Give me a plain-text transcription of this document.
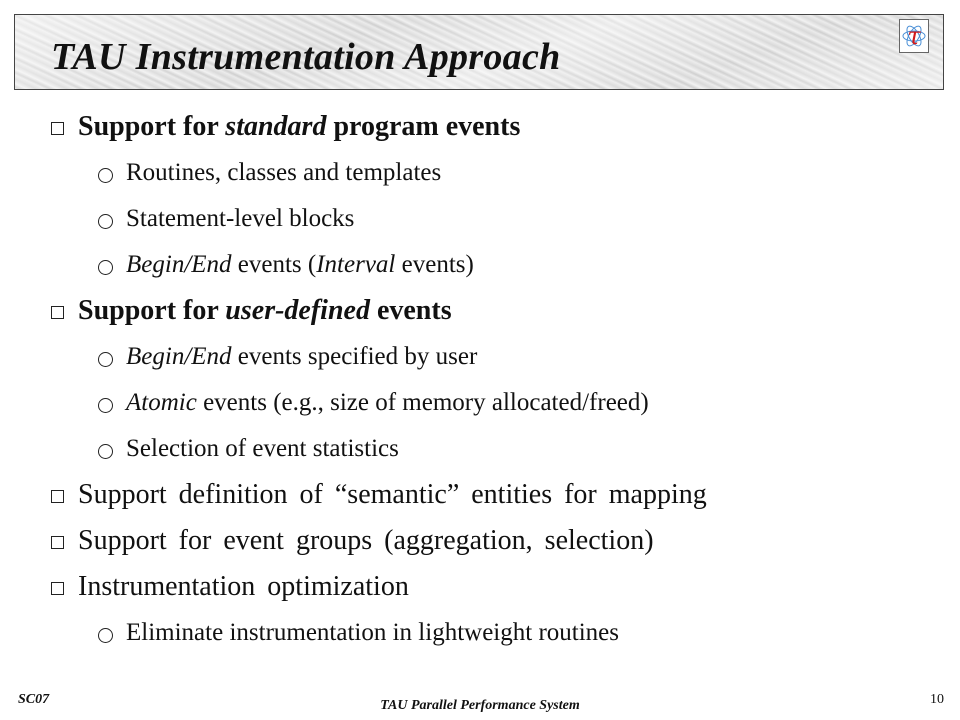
TAU Instrumentation Approach	τ
Support for standard program events
Routines, classes and templates
Statement-level blocks
Begin/End events (Interval events)
Support for user-defined events
Begin/End events specified by user
Atomic events (e.g., size of memory allocated/freed)
Selection of event statistics
Support definition of “semantic” entities for mapping
Support for event groups (aggregation, selection)
Instrumentation optimization
Eliminate instrumentation in lightweight routines
SC07	TAU Parallel Performance System	10
